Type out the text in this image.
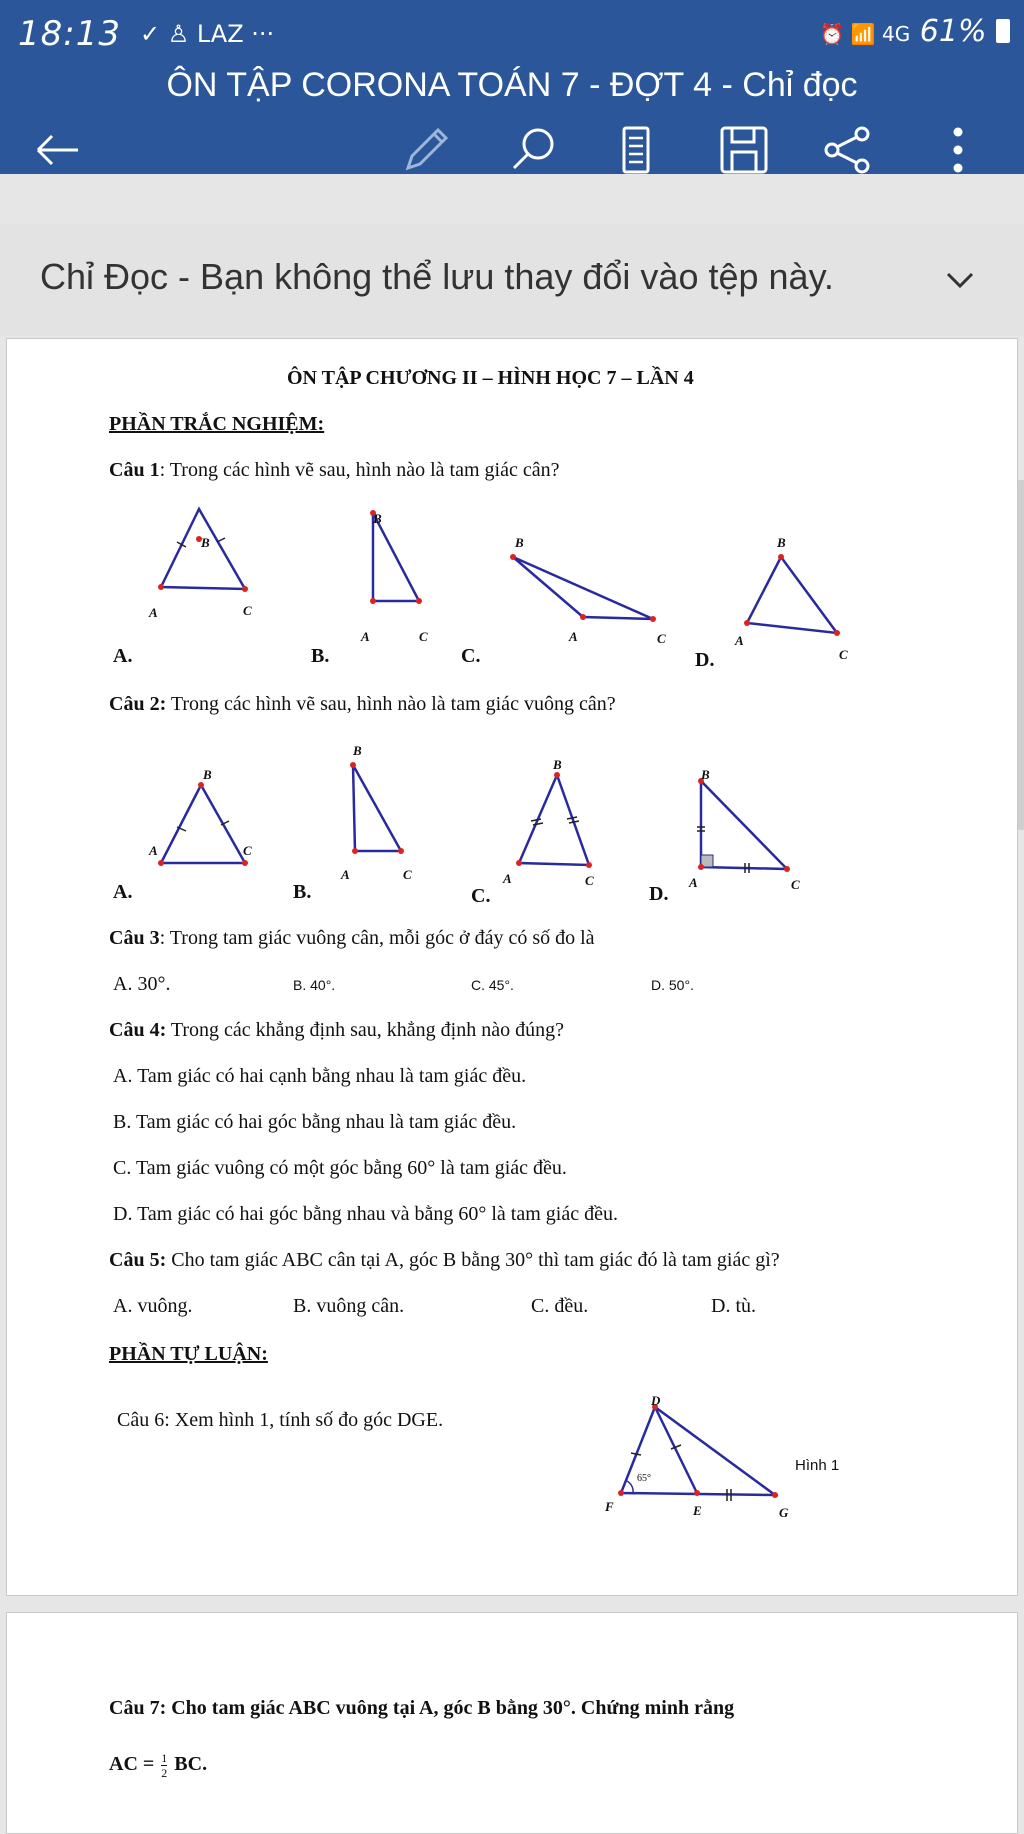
18:13 ✓ ♙ LAZ ···	⏰ 📶 4G 61%
ÔN TẬP CORONA TOÁN 7 - ĐỢT 4 - Chỉ đọc
Chỉ Đọc - Bạn không thể lưu thay đổi vào tệp này.
ÔN TẬP CHƯƠNG II – HÌNH HỌC 7 – LẦN 4
PHẦN TRẮC NGHIỆM:
Câu 1: Trong các hình vẽ sau, hình nào là tam giác cân?
B
A	C
A.
B
A	C
B.
B
A	C
C.
B
A
C
D.
Câu 2: Trong các hình vẽ sau, hình nào là tam giác vuông cân?
B
A	C
A.
B
A	C
B.
B
A	C
C.
B
A	C
D.
Câu 3: Trong tam giác vuông cân, mỗi góc ở đáy có số đo là
A. 30°.	B. 40°.	C. 45°.	D. 50°.
Câu 4: Trong các khẳng định sau, khẳng định nào đúng?
A. Tam giác có hai cạnh bằng nhau là tam giác đều.
B. Tam giác có hai góc bằng nhau là tam giác đều.
C. Tam giác vuông có một góc bằng 60° là tam giác đều.
D. Tam giác có hai góc bằng nhau và bằng 60° là tam giác đều.
Câu 5: Cho tam giác ABC cân tại A, góc B bằng 30° thì tam giác đó là tam giác gì?
A. vuông.	B. vuông cân.	C. đều.	D. tù.
PHẦN TỰ LUẬN:
Câu 6: Xem hình 1, tính số đo góc DGE.
D
F	E	G
65°
Hình 1
Câu 7: Cho tam giác ABC vuông tại A, góc B bằng 30°. Chứng minh rằng
AC = $\frac{1}{2}$ BC.
